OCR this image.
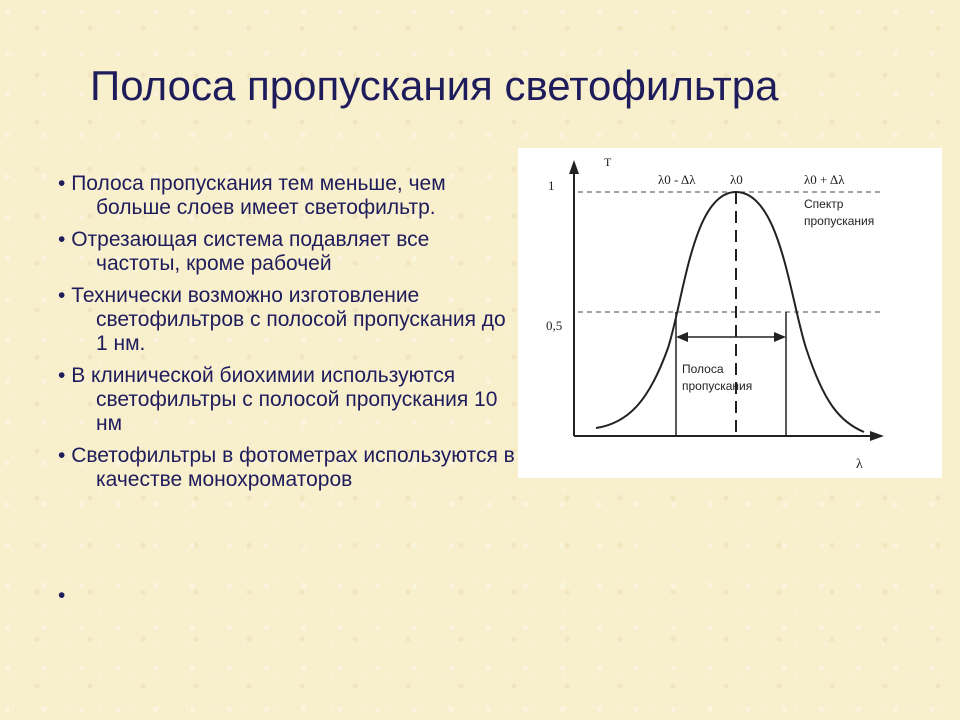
Полоса пропускания светофильтра
• Полоса пропускания тем меньше, чем больше слоев имеет светофильтр.
• Отрезающая система подавляет все частоты, кроме рабочей
• Технически возможно изготовление светофильтров с полосой пропускания до 1 нм.
• В клинической биохимии используются светофильтры с полосой пропускания 10 нм
• Светофильтры в фотометрах используются в качестве монохроматоров
•
T
1
0,5
λ
λ0 - Δλ	λ0	λ0 + Δλ
Спектр
пропускания
Полоса
пропускания
